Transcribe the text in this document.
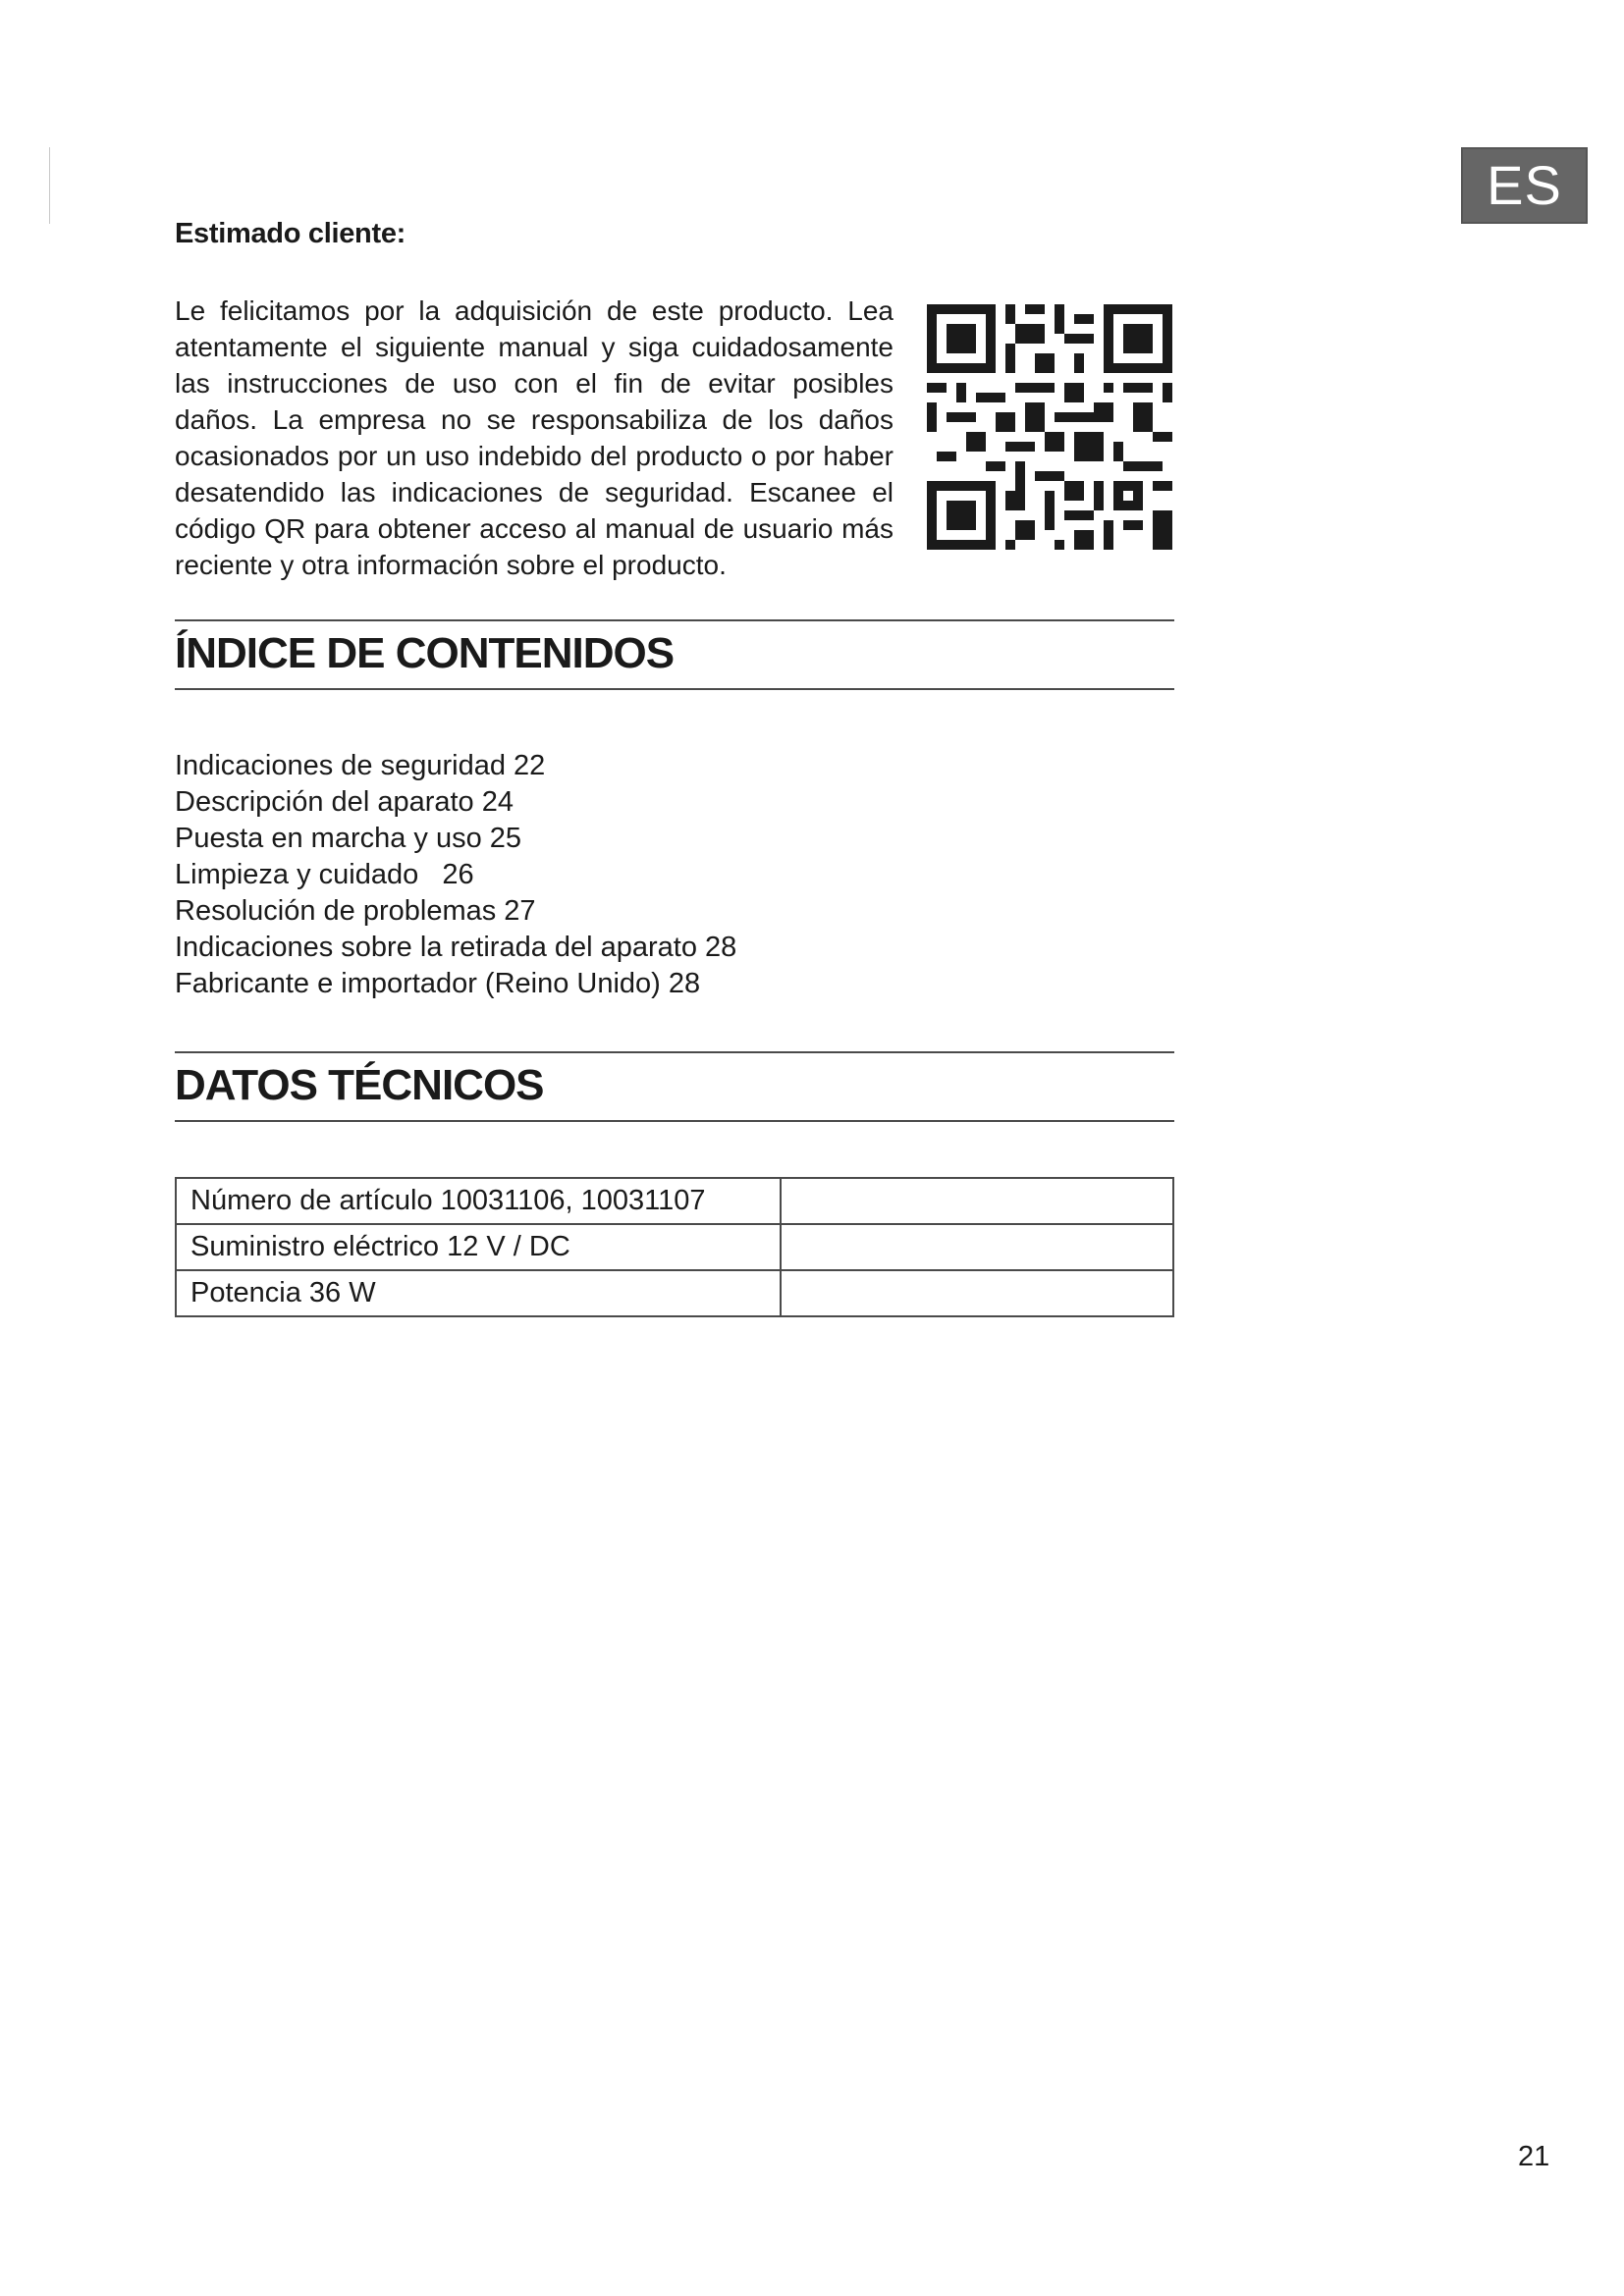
ES
Estimado cliente:

Le felicitamos por la adquisición de este producto. Lea atentamente el siguiente manual y siga cuidadosamente las instrucciones de uso con el fin de evitar posibles daños. La empresa no se responsabiliza de los daños ocasionados por un uso indebido del producto o por haber desatendido las indicaciones de seguridad. Escanee el código QR para obtener acceso al manual de usuario más reciente y otra información sobre el producto.

ÍNDICE DE CONTENIDOS
Indicaciones de seguridad 22
Descripción del aparato 24
Puesta en marcha y uso 25
Limpieza y cuidado   26
Resolución de problemas 27
Indicaciones sobre la retirada del aparato 28
Fabricante e importador (Reino Unido) 28
DATOS TÉCNICOS
Número de artículo 10031106, 10031107	
Suministro eléctrico 12 V / DC	
Potencia 36 W	
21
